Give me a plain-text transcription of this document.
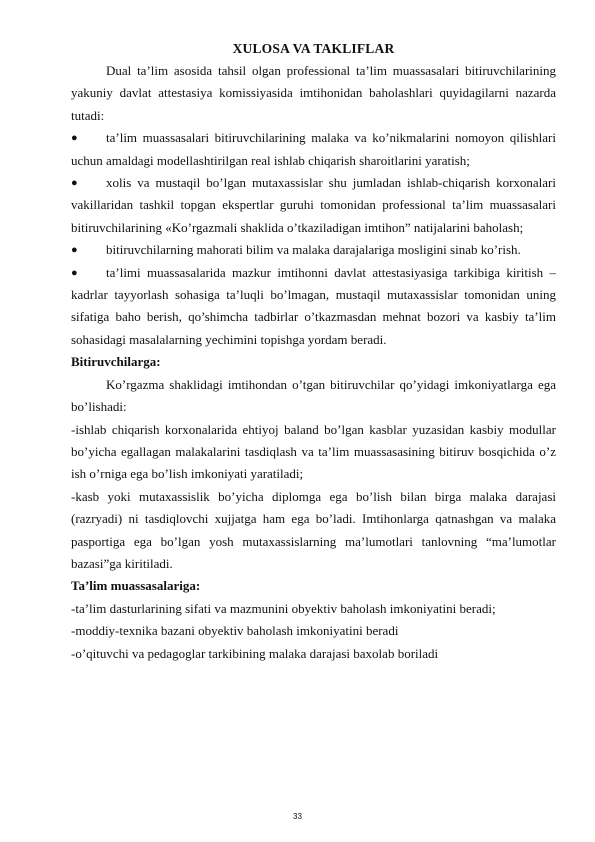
XULOSA VA TAKLIFLAR

Dual ta’lim asosida tahsil olgan professional ta’lim muassasalari bitiruvchilarining yakuniy davlat attestasiya komissiyasida imtihonidan baholashlari quyidagilarni nazarda tutadi:

● ta’lim muassasalari bitiruvchilarining malaka va ko’nikmalarini nomoyon qilishlari uchun amaldagi modellashtirilgan real ishlab chiqarish sharoitlarini yaratish;

● xolis va mustaqil bo’lgan mutaxassislar shu jumladan ishlab-chiqarish korxonalari vakillaridan tashkil topgan ekspertlar guruhi tomonidan professional ta’lim muassasalari bitiruvchilarining «Ko’rgazmali shaklida o’tkaziladigan imtihon” natijalarini baholash;

● bitiruvchilarning mahorati bilim va malaka darajalariga mosligini sinab ko’rish.

● ta’limi muassasalarida mazkur imtihonni davlat attestasiyasiga tarkibiga kiritish – kadrlar tayyorlash sohasiga ta’luqli bo’lmagan, mustaqil mutaxassislar tomonidan uning sifatiga baho berish, qo’shimcha tadbirlar o’tkazmasdan mehnat bozori va kasbiy ta’lim sohasidagi masalalarning yechimini topishga yordam beradi.

Bitiruvchilarga:

Ko’rgazma shaklidagi imtihondan o’tgan bitiruvchilar qo’yidagi imkoniyatlarga ega bo’lishadi:

-ishlab chiqarish korxonalarida ehtiyoj baland bo’lgan kasblar yuzasidan kasbiy modullar bo’yicha egallagan malakalarini tasdiqlash va ta’lim muassasasining bitiruv bosqichida o’z ish o’rniga ega bo’lish imkoniyati yaratiladi;

-kasb yoki mutaxassislik bo’yicha diplomga ega bo’lish bilan birga malaka darajasi (razryadi) ni tasdiqlovchi xujjatga ham ega bo’ladi. Imtihonlarga qatnashgan va malaka pasportiga ega bo’lgan yosh mutaxassislarning ma’lumotlari tanlovning “ma’lumotlar bazasi”ga kiritiladi.

Ta’lim muassasalariga:

-ta’lim dasturlarining sifati va mazmunini obyektiv baholash imkoniyatini beradi;

-moddiy-texnika bazani obyektiv baholash imkoniyatini beradi

-o’qituvchi va pedagoglar tarkibining malaka darajasi baxolab boriladi

33
